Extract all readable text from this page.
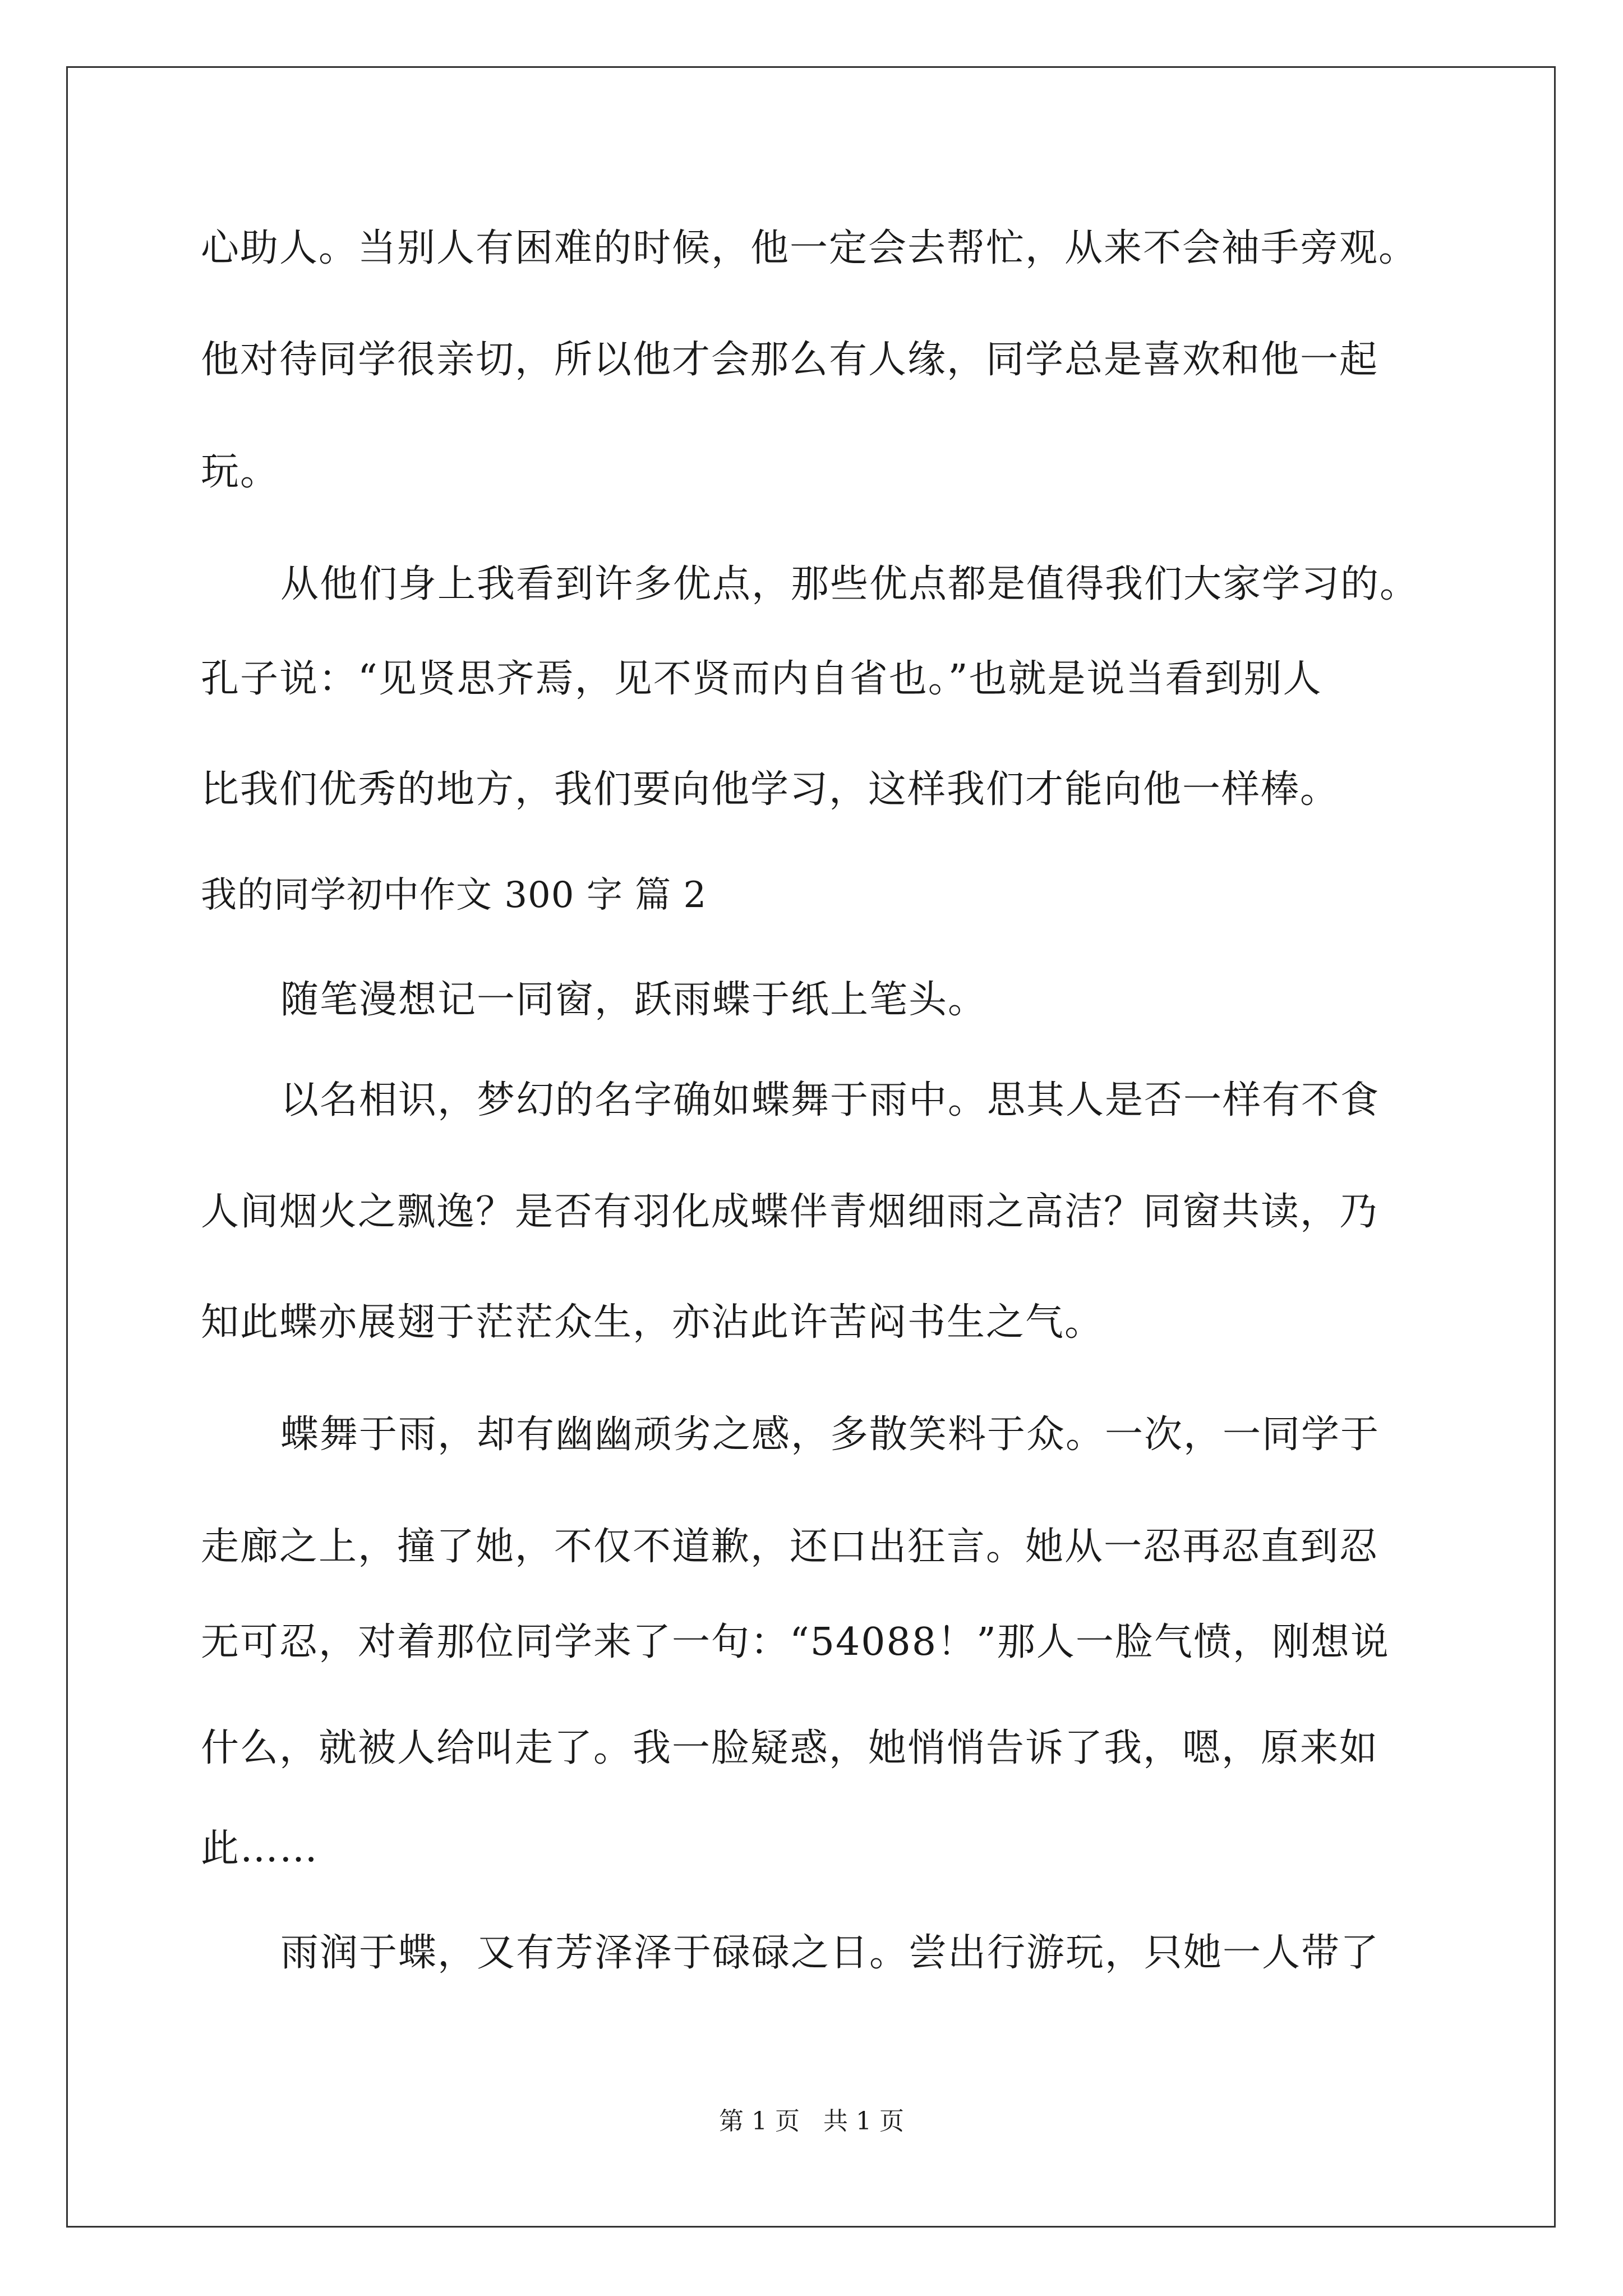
心助人。当别人有困难的时候，他一定会去帮忙，从来不会袖手旁观。
他对待同学很亲切，所以他才会那么有人缘，同学总是喜欢和他一起
玩。
从他们身上我看到许多优点，那些优点都是值得我们大家学习的。
孔子说：“见贤思齐焉，见不贤而内自省也。”也就是说当看到别人
比我们优秀的地方，我们要向他学习，这样我们才能向他一样棒。
我的同学初中作文 300 字 篇 2
随笔漫想记一同窗，跃雨蝶于纸上笔头。
以名相识，梦幻的名字确如蝶舞于雨中。思其人是否一样有不食
人间烟火之飘逸？是否有羽化成蝶伴青烟细雨之高洁？同窗共读，乃
知此蝶亦展翅于茫茫众生，亦沾此许苦闷书生之气。
蝶舞于雨，却有幽幽顽劣之感，多散笑料于众。一次，一同学于
走廊之上，撞了她，不仅不道歉，还口出狂言。她从一忍再忍直到忍
无可忍，对着那位同学来了一句：“54088！”那人一脸气愤，刚想说
什么，就被人给叫走了。我一脸疑惑，她悄悄告诉了我，嗯，原来如
此……
雨润于蝶，又有芳泽泽于碌碌之日。尝出行游玩，只她一人带了
第 1 页   共 1 页
